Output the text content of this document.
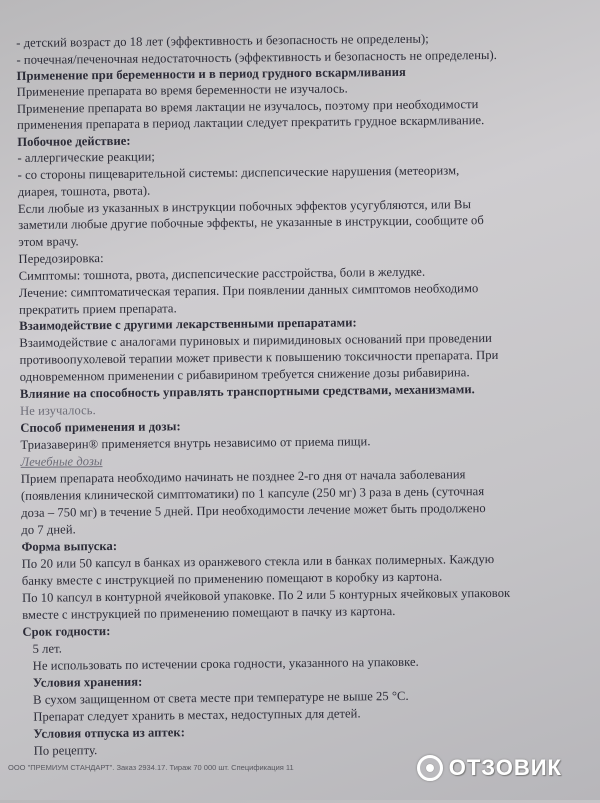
- детский возраст до 18 лет (эффективность и безопасность не определены);
- почечная/печеночная недостаточность (эффективность и безопасность не определены).
Применение при беременности и в период грудного вскармливания
Применение препарата во время беременности не изучалось.
Применение препарата во время лактации не изучалось, поэтому при необходимости
применения препарата в период лактации следует прекратить грудное вскармливание.
Побочное действие:
- аллергические реакции;
- со стороны пищеварительной системы: диспепсические нарушения (метеоризм,
диарея, тошнота, рвота).
Если любые из указанных в инструкции побочных эффектов усугубляются, или Вы
заметили любые другие побочные эффекты, не указанные в инструкции, сообщите об
этом врачу.
Передозировка:
Симптомы: тошнота, рвота, диспепсические расстройства, боли в желудке.
Лечение: симптоматическая терапия. При появлении данных симптомов необходимо
прекратить прием препарата.
Взаимодействие с другими лекарственными препаратами:
Взаимодействие с аналогами пуриновых и пиримидиновых оснований при проведении
противоопухолевой терапии может привести к повышению токсичности препарата. При
одновременном применении с рибавирином требуется снижение дозы рибавирина.
Влияние на способность управлять транспортными средствами, механизмами.
Не изучалось.
Способ применения и дозы:
Триазаверин® применяется внутрь независимо от приема пищи.
Лечебные дозы
Прием препарата необходимо начинать не позднее 2-го дня от начала заболевания
(появления клинической симптоматики) по 1 капсуле (250 мг) 3 раза в день (суточная
доза – 750 мг) в течение 5 дней. При необходимости лечение может быть продолжено
до 7 дней.
Форма выпуска:
По 20 или 50 капсул в банках из оранжевого стекла или в банках полимерных. Каждую
банку вместе с инструкцией по применению помещают в коробку из картона.
По 10 капсул в контурной ячейковой упаковке. По 2 или 5 контурных ячейковых упаковок
вместе с инструкцией по применению помещают в пачку из картона.
Срок годности:
5 лет.
Не использовать по истечении срока годности, указанного на упаковке.
Условия хранения:
В сухом защищенном от света месте при температуре не выше 25 °С.
Препарат следует хранить в местах, недоступных для детей.
Условия отпуска из аптек:
По рецепту.
ООО "ПРЕМИУМ СТАНДАРТ". Заказ 2934.17. Тираж 70 000 шт. Спецификация 11	ОТЗОВИК
